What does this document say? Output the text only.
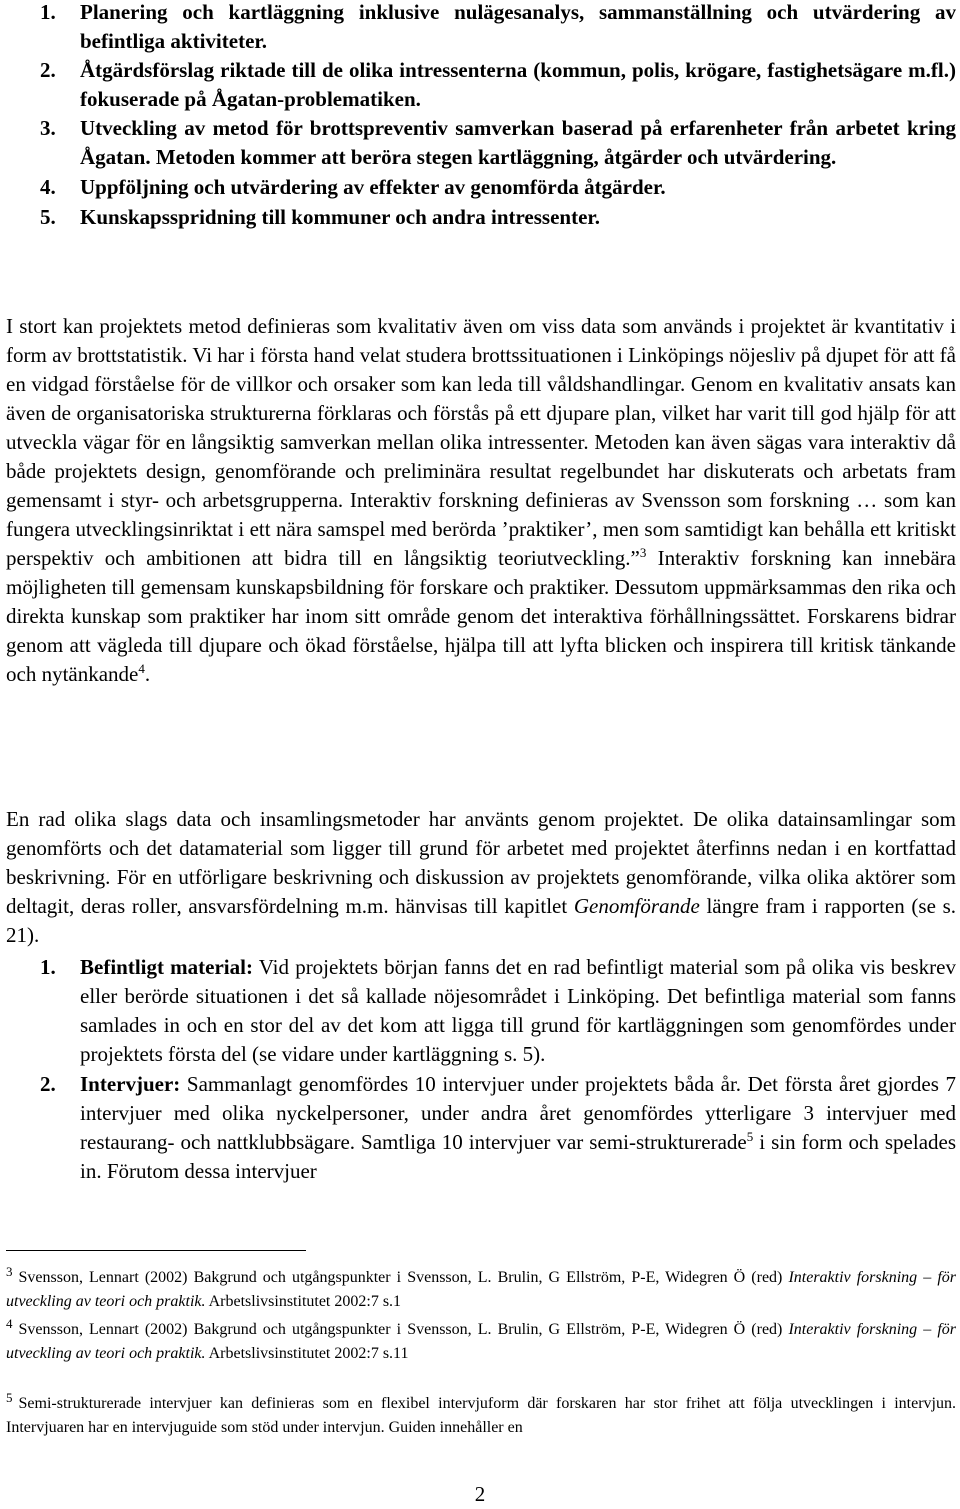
1. Planering och kartläggning inklusive nulägesanalys, sammanställning och utvärdering av befintliga aktiviteter.
2. Åtgärdsförslag riktade till de olika intressenterna (kommun, polis, krögare, fastighetsägare m.fl.) fokuserade på Ågatan-problematiken.
3. Utveckling av metod för brottspreventiv samverkan baserad på erfarenheter från arbetet kring Ågatan. Metoden kommer att beröra stegen kartläggning, åtgärder och utvärdering.
4. Uppföljning och utvärdering av effekter av genomförda åtgärder.
5. Kunskapsspridning till kommuner och andra intressenter.

I stort kan projektets metod definieras som kvalitativ även om viss data som används i projektet är kvantitativ i form av brottstatistik. Vi har i första hand velat studera brottssituationen i Linköpings nöjesliv på djupet för att få en vidgad förståelse för de villkor och orsaker som kan leda till våldshandlingar. Genom en kvalitativ ansats kan även de organisatoriska strukturerna förklaras och förstås på ett djupare plan, vilket har varit till god hjälp för att utveckla vägar för en långsiktig samverkan mellan olika intressenter. Metoden kan även sägas vara interaktiv då både projektets design, genomförande och preliminära resultat regelbundet har diskuterats och arbetats fram gemensamt i styr- och arbetsgrupperna. Interaktiv forskning definieras av Svensson som forskning … som kan fungera utvecklingsinriktat i ett nära samspel med berörda ’praktiker’, men som samtidigt kan behålla ett kritiskt perspektiv och ambitionen att bidra till en långsiktig teoriutveckling.”$^3$ Interaktiv forskning kan innebära möjligheten till gemensam kunskapsbildning för forskare och praktiker. Dessutom uppmärksammas den rika och direkta kunskap som praktiker har inom sitt område genom det interaktiva förhållningssättet. Forskarens bidrar genom att vägleda till djupare och ökad förståelse, hjälpa till att lyfta blicken och inspirera till kritisk tänkande och nytänkande$^4$.

En rad olika slags data och insamlingsmetoder har använts genom projektet. De olika datainsamlingar som genomförts och det datamaterial som ligger till grund för arbetet med projektet återfinns nedan i en kortfattad beskrivning. För en utförligare beskrivning och diskussion av projektets genomförande, vilka olika aktörer som deltagit, deras roller, ansvarsfördelning m.m. hänvisas till kapitlet Genomförande längre fram i rapporten (se s. 21).

1. Befintligt material: Vid projektets början fanns det en rad befintligt material som på olika vis beskrev eller berörde situationen i det så kallade nöjesområdet i Linköping. Det befintliga material som fanns samlades in och en stor del av det kom att ligga till grund för kartläggningen som genomfördes under projektets första del (se vidare under kartläggning s. 5).
2. Intervjuer: Sammanlagt genomfördes 10 intervjuer under projektets båda år. Det första året gjordes 7 intervjuer med olika nyckelpersoner, under andra året genomfördes ytterligare 3 intervjuer med restaurang- och nattklubbsägare. Samtliga 10 intervjuer var semi-strukturerade$^5$ i sin form och spelades in. Förutom dessa intervjuer

$^3$ Svensson, Lennart (2002) Bakgrund och utgångspunkter i Svensson, L. Brulin, G Ellström, P-E, Widegren Ö (red) Interaktiv forskning – för utveckling av teori och praktik. Arbetslivsinstitutet 2002:7 s.1

$^4$ Svensson, Lennart (2002) Bakgrund och utgångspunkter i Svensson, L. Brulin, G Ellström, P-E, Widegren Ö (red) Interaktiv forskning – för utveckling av teori och praktik. Arbetslivsinstitutet 2002:7 s.11

$^5$ Semi-strukturerade intervjuer kan definieras som en flexibel intervjuform där forskaren har stor frihet att följa utvecklingen i intervjun. Intervjuaren har en intervjuguide som stöd under intervjun. Guiden innehåller en

2
